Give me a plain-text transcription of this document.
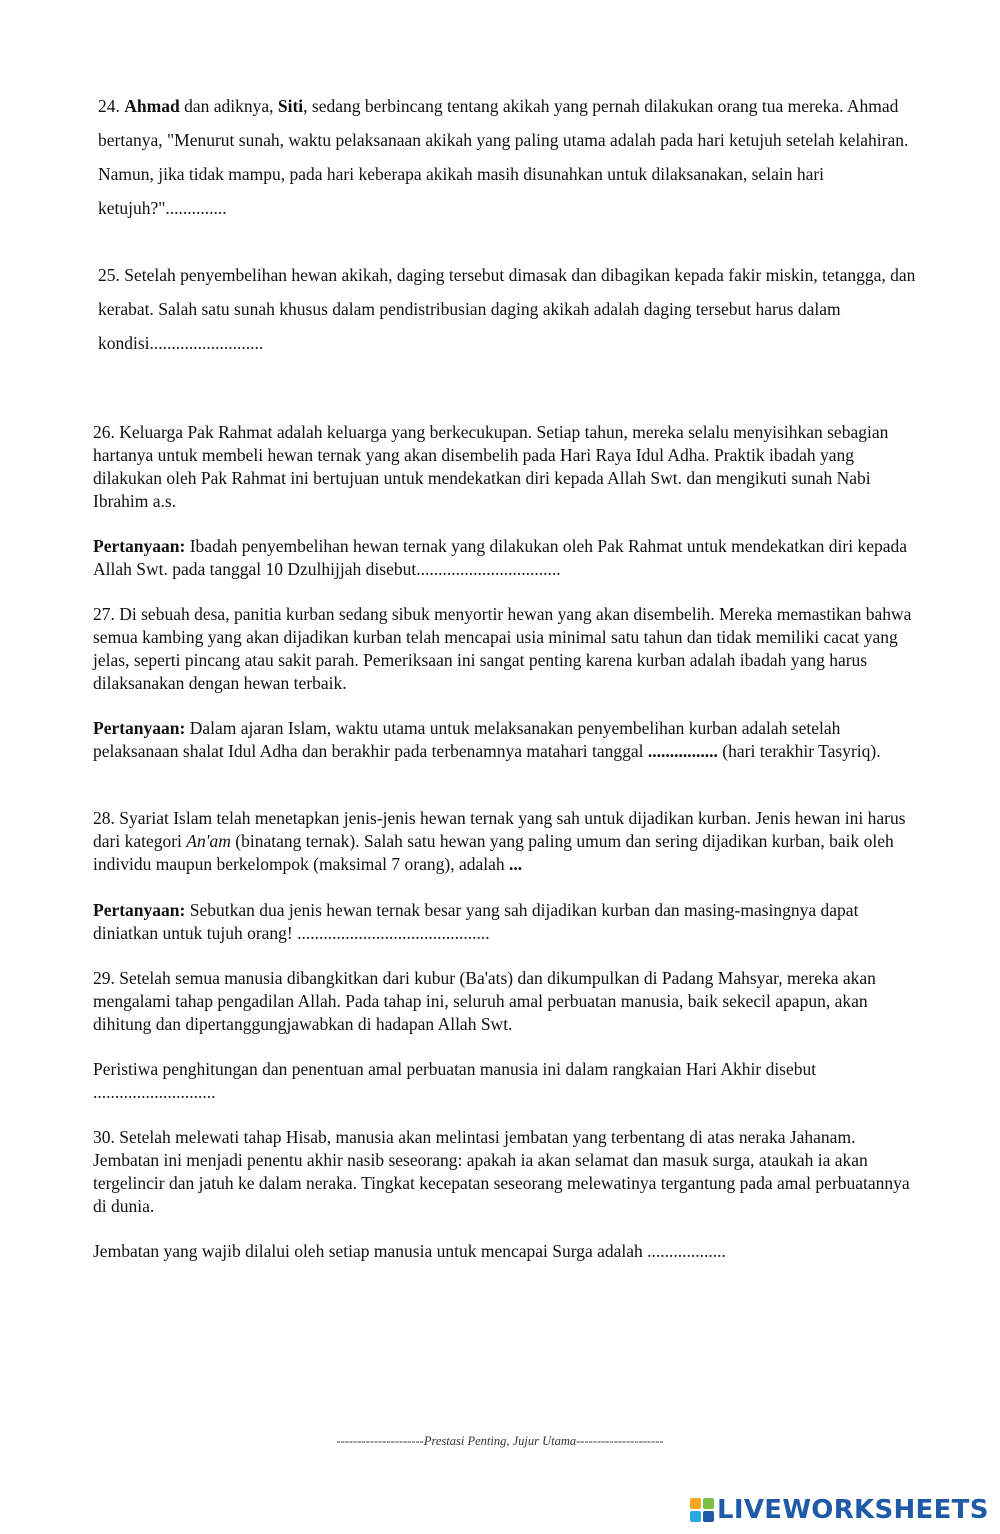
24. Ahmad dan adiknya, Siti, sedang berbincang tentang akikah yang pernah dilakukan orang tua mereka. Ahmad bertanya, "Menurut sunah, waktu pelaksanaan akikah yang paling utama adalah pada hari ketujuh setelah kelahiran. Namun, jika tidak mampu, pada hari keberapa akikah masih disunahkan untuk dilaksanakan, selain hari ketujuh?"..............

25. Setelah penyembelihan hewan akikah, daging tersebut dimasak dan dibagikan kepada fakir miskin, tetangga, dan kerabat. Salah satu sunah khusus dalam pendistribusian daging akikah adalah daging tersebut harus dalam kondisi..........................

26. Keluarga Pak Rahmat adalah keluarga yang berkecukupan. Setiap tahun, mereka selalu menyisihkan sebagian hartanya untuk membeli hewan ternak yang akan disembelih pada Hari Raya Idul Adha. Praktik ibadah yang dilakukan oleh Pak Rahmat ini bertujuan untuk mendekatkan diri kepada Allah Swt. dan mengikuti sunah Nabi Ibrahim a.s.

Pertanyaan: Ibadah penyembelihan hewan ternak yang dilakukan oleh Pak Rahmat untuk mendekatkan diri kepada Allah Swt. pada tanggal 10 Dzulhijjah disebut.................................

27. Di sebuah desa, panitia kurban sedang sibuk menyortir hewan yang akan disembelih. Mereka memastikan bahwa semua kambing yang akan dijadikan kurban telah mencapai usia minimal satu tahun dan tidak memiliki cacat yang jelas, seperti pincang atau sakit parah. Pemeriksaan ini sangat penting karena kurban adalah ibadah yang harus dilaksanakan dengan hewan terbaik.

Pertanyaan: Dalam ajaran Islam, waktu utama untuk melaksanakan penyembelihan kurban adalah setelah pelaksanaan shalat Idul Adha dan berakhir pada terbenamnya matahari tanggal ................ (hari terakhir Tasyriq).

28. Syariat Islam telah menetapkan jenis-jenis hewan ternak yang sah untuk dijadikan kurban. Jenis hewan ini harus dari kategori An'am (binatang ternak). Salah satu hewan yang paling umum dan sering dijadikan kurban, baik oleh individu maupun berkelompok (maksimal 7 orang), adalah ...

Pertanyaan: Sebutkan dua jenis hewan ternak besar yang sah dijadikan kurban dan masing-masingnya dapat diniatkan untuk tujuh orang! ............................................

29. Setelah semua manusia dibangkitkan dari kubur (Ba'ats) dan dikumpulkan di Padang Mahsyar, mereka akan mengalami tahap pengadilan Allah. Pada tahap ini, seluruh amal perbuatan manusia, baik sekecil apapun, akan dihitung dan dipertanggungjawabkan di hadapan Allah Swt.

Peristiwa penghitungan dan penentuan amal perbuatan manusia ini dalam rangkaian Hari Akhir disebut ............................

30. Setelah melewati tahap Hisab, manusia akan melintasi jembatan yang terbentang di atas neraka Jahanam. Jembatan ini menjadi penentu akhir nasib seseorang: apakah ia akan selamat dan masuk surga, ataukah ia akan tergelincir dan jatuh ke dalam neraka. Tingkat kecepatan seseorang melewatinya tergantung pada amal perbuatannya di dunia.

Jembatan yang wajib dilalui oleh setiap manusia untuk mencapai Surga adalah ..................

---------------------Prestasi Penting, Jujur Utama---------------------
LIVEWORKSHEETS
